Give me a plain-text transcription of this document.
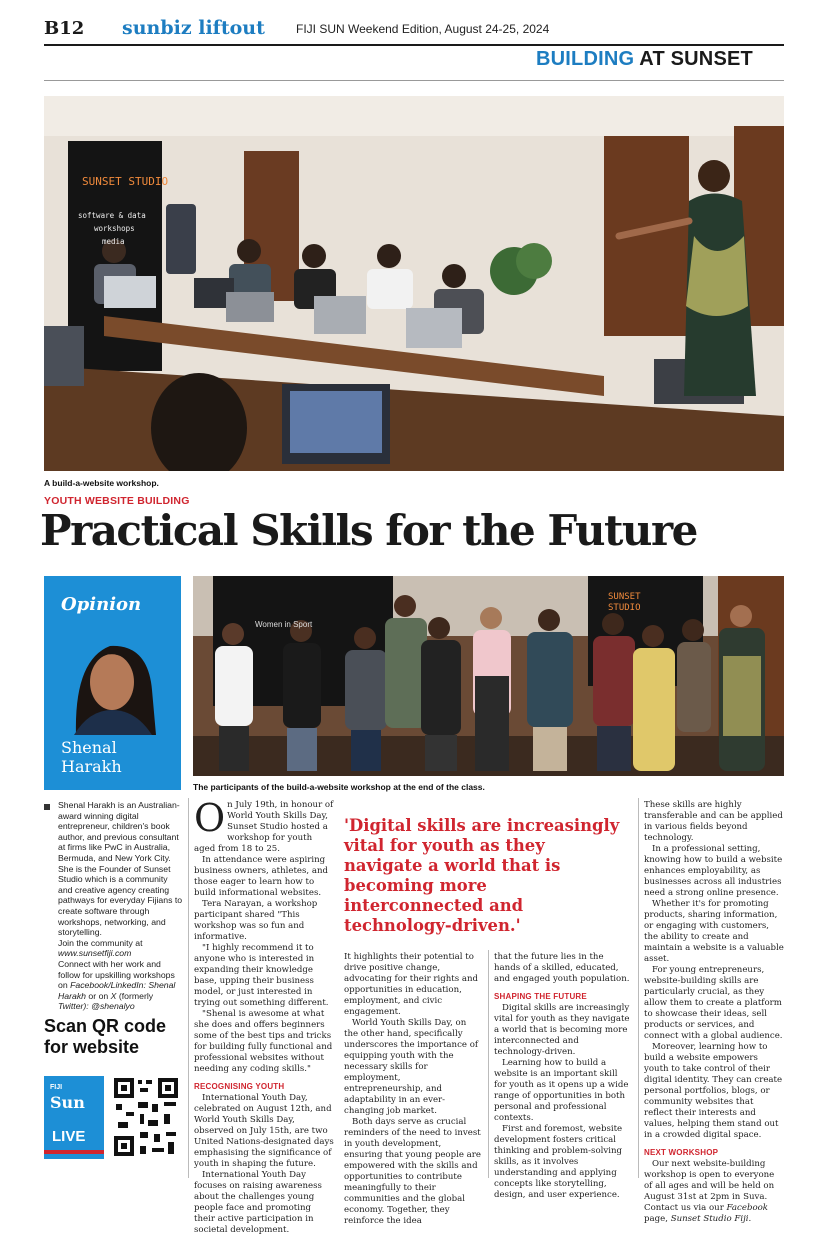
B12 sunbiz liftout	FIJI SUN Weekend Edition, August 24-25, 2024
BUILDING AT SUNSET
SUNSET STUDIO
software & data
workshops
media
A build-a-website workshop.
YOUTH WEBSITE BUILDING
Practical Skills for the Future
Opinion
Shenal
Harakh
Women in Sport
SUNSET STUDIO
The participants of the build-a-website workshop at the end of the class.
Shenal Harakh is an Australian-award winning digital entrepreneur, children's book author, and previous consultant at firms like PwC in Australia, Bermuda, and New York City. She is the Founder of Sunset Studio which is a community and creative agency creating pathways for everyday Fijians to create software through workshops, networking, and storytelling.
Join the community at www.sunsetfiji.com
Connect with her work and follow for upskilling workshops on Facebook/LinkedIn: Shenal Harakh or on X (formerly Twitter): @shenalyo
Scan QR code
for website
FIJI
Sun
LIVE

On July 19th, in honour of World Youth Skills Day, Sunset Studio hosted a workshop for youth aged from 18 to 25.

In attendance were aspiring business owners, athletes, and those eager to learn how to build informational websites.

Tera Narayan, a workshop participant shared "This workshop was so fun and informative.

"I highly recommend it to anyone who is interested in expanding their knowledge base, upping their business model, or just interested in trying out something different.

"Shenal is awesome at what she does and offers beginners some of the best tips and tricks for building fully functional and professional websites without needing any coding skills."

RECOGNISING YOUTH

International Youth Day, celebrated on August 12th, and World Youth Skills Day, observed on July 15th, are two United Nations-designated days emphasising the significance of youth in shaping the future.

International Youth Day focuses on raising awareness about the challenges young people face and promoting their active participation in societal development.

'Digital skills are increasingly vital for youth as they navigate a world that is becoming more interconnected and technology-driven.'

It highlights their potential to drive positive change, advocating for their rights and opportunities in education, employment, and civic engagement.

World Youth Skills Day, on the other hand, specifically underscores the importance of equipping youth with the necessary skills for employment, entrepreneurship, and adaptability in an ever-changing job market.

Both days serve as crucial reminders of the need to invest in youth development, ensuring that young people are empowered with the skills and opportunities to contribute meaningfully to their communities and the global economy. Together, they reinforce the idea

that the future lies in the hands of a skilled, educated, and engaged youth population.

SHAPING THE FUTURE

Digital skills are increasingly vital for youth as they navigate a world that is becoming more interconnected and technology-driven.

Learning how to build a website is an important skill for youth as it opens up a wide range of opportunities in both personal and professional contexts.

First and foremost, website development fosters critical thinking and problem-solving skills, as it involves understanding and applying concepts like storytelling, design, and user experience.

These skills are highly transferable and can be applied in various fields beyond technology.

In a professional setting, knowing how to build a website enhances employability, as businesses across all industries need a strong online presence.

Whether it's for promoting products, sharing information, or engaging with customers, the ability to create and maintain a website is a valuable asset.

For young entrepreneurs, website-building skills are particularly crucial, as they allow them to create a platform to showcase their ideas, sell products or services, and connect with a global audience.

Moreover, learning how to build a website empowers youth to take control of their digital identity. They can create personal portfolios, blogs, or community websites that reflect their interests and values, helping them stand out in a crowded digital space.

NEXT WORKSHOP

Our next website-building workshop is open to everyone of all ages and will be held on August 31st at 2pm in Suva. Contact us via our Facebook page, Sunset Studio Fiji.
